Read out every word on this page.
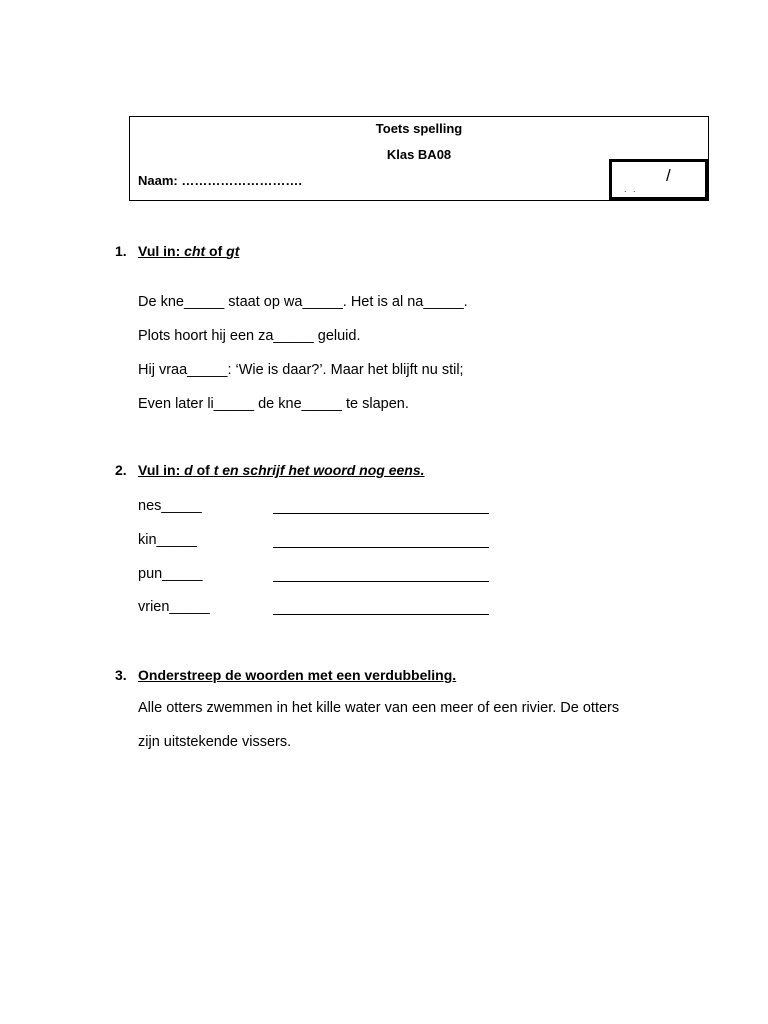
Toets spelling
Klas BA08
Naam: ……………………….	/
. .
1. Vul in: cht of gt
De kne_____ staat op wa_____. Het is al na_____.
Plots hoort hij een za_____ geluid.
Hij vraa_____: ‘Wie is daar?’. Maar het blijft nu stil;
Even later li_____ de kne_____ te slapen.
2. Vul in: d of t en schrijf het woord nog eens.
nes_____
kin_____
pun_____
vrien_____
3. Onderstreep de woorden met een verdubbeling.
Alle otters zwemmen in het kille water van een meer of een rivier. De otters
zijn uitstekende vissers.
